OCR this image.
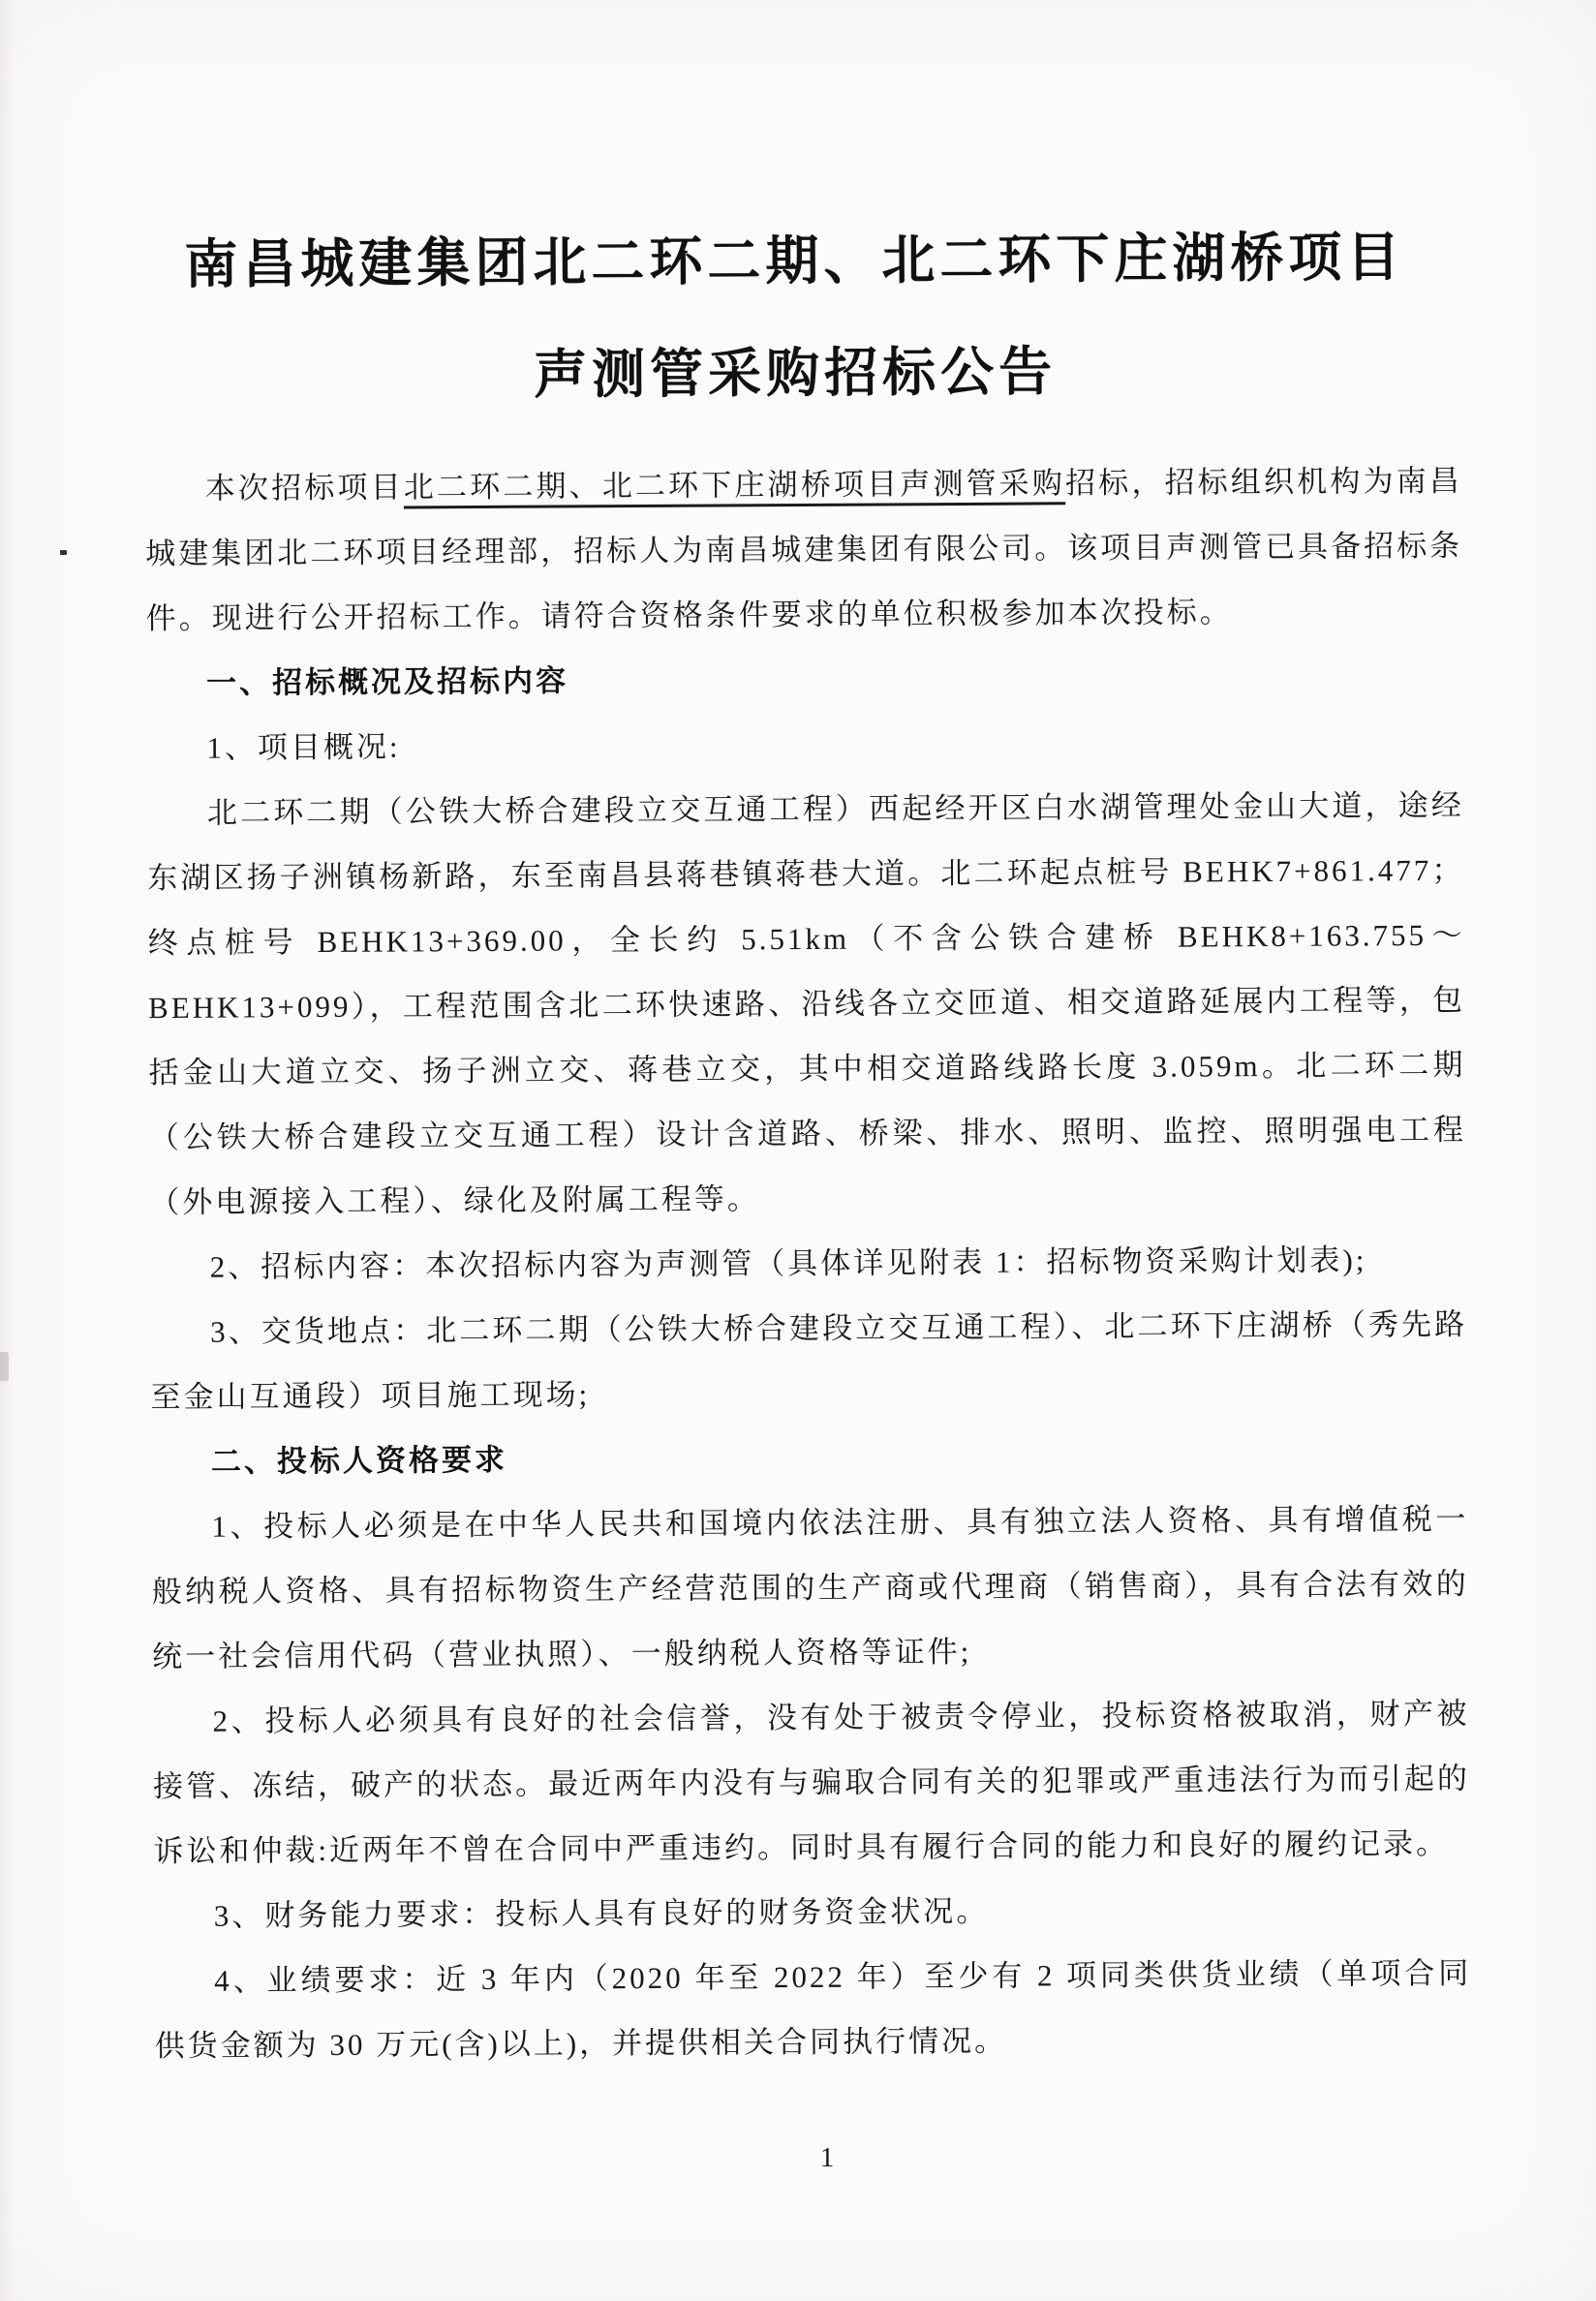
南昌城建集团北二环二期、北二环下庄湖桥项目
声测管采购招标公告

本次招标项目北二环二期、北二环下庄湖桥项目声测管采购招标，招标组织机构为南昌城建集团北二环项目经理部，招标人为南昌城建集团有限公司。该项目声测管已具备招标条件。现进行公开招标工作。请符合资格条件要求的单位积极参加本次投标。

一、招标概况及招标内容

1、项目概况:

北二环二期（公铁大桥合建段立交互通工程）西起经开区白水湖管理处金山大道，途经东湖区扬子洲镇杨新路，东至南昌县蒋巷镇蒋巷大道。北二环起点桩号 BEHK7+861.477；终点桩号 BEHK13+369.00，全长约 5.51km（不含公铁合建桥 BEHK8+163.755～BEHK13+099），工程范围含北二环快速路、沿线各立交匝道、相交道路延展内工程等，包括金山大道立交、扬子洲立交、蒋巷立交，其中相交道路线路长度 3.059m。北二环二期（公铁大桥合建段立交互通工程）设计含道路、桥梁、排水、照明、监控、照明强电工程（外电源接入工程）、绿化及附属工程等。

2、招标内容：本次招标内容为声测管（具体详见附表 1：招标物资采购计划表);

3、交货地点：北二环二期（公铁大桥合建段立交互通工程）、北二环下庄湖桥（秀先路至金山互通段）项目施工现场;

二、投标人资格要求

1、投标人必须是在中华人民共和国境内依法注册、具有独立法人资格、具有增值税一般纳税人资格、具有招标物资生产经营范围的生产商或代理商（销售商），具有合法有效的统一社会信用代码（营业执照）、一般纳税人资格等证件;

2、投标人必须具有良好的社会信誉，没有处于被责令停业，投标资格被取消，财产被接管、冻结，破产的状态。最近两年内没有与骗取合同有关的犯罪或严重违法行为而引起的诉讼和仲裁:近两年不曾在合同中严重违约。同时具有履行合同的能力和良好的履约记录。

3、财务能力要求：投标人具有良好的财务资金状况。

4、业绩要求：近 3 年内（2020 年至 2022 年）至少有 2 项同类供货业绩（单项合同供货金额为 30 万元(含)以上)，并提供相关合同执行情况。

1
